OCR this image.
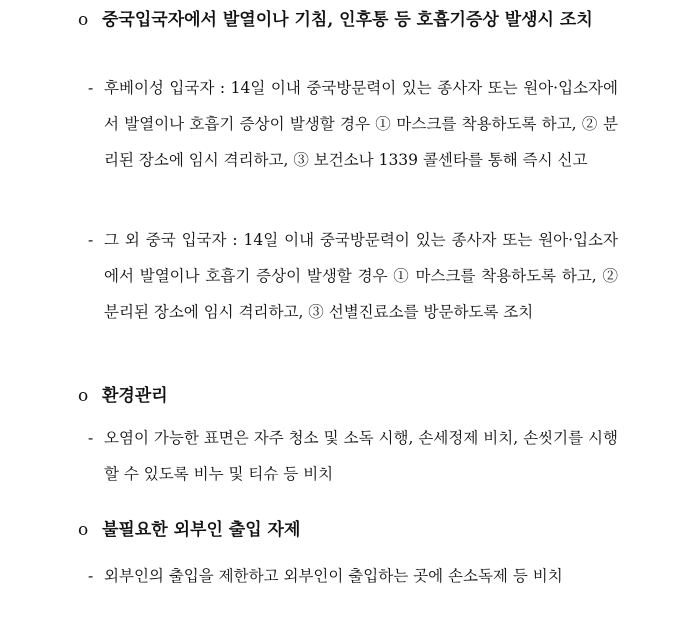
o 중국입국자에서 발열이나 기침, 인후통 등 호흡기증상 발생시 조치
- 후베이성 입국자 : 14일 이내 중국방문력이 있는 종사자 또는 원아·입소자에서 발열이나 호흡기 증상이 발생할 경우 ① 마스크를 착용하도록 하고, ② 분리된 장소에 임시 격리하고, ③ 보건소나 1339 콜센타를 통해 즉시 신고
- 그 외 중국 입국자 : 14일 이내 중국방문력이 있는 종사자 또는 원아·입소자에서 발열이나 호흡기 증상이 발생할 경우 ① 마스크를 착용하도록 하고, ② 분리된 장소에 임시 격리하고, ③ 선별진료소를 방문하도록 조치
o 환경관리
- 오염이 가능한 표면은 자주 청소 및 소독 시행, 손세정제 비치, 손씻기를 시행할 수 있도록 비누 및 티슈 등 비치
o 불필요한 외부인 출입 자제
- 외부인의 출입을 제한하고 외부인이 출입하는 곳에 손소독제 등 비치
